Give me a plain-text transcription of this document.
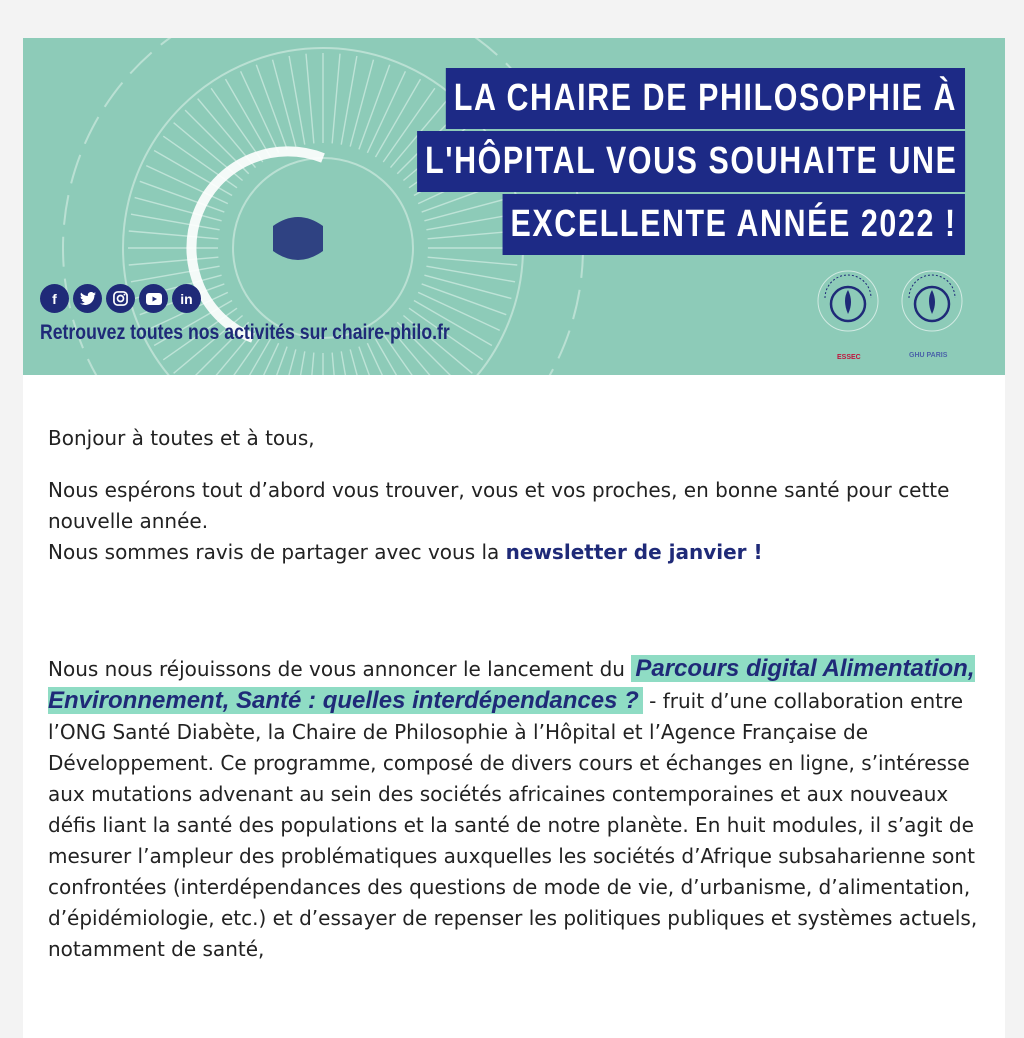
LA CHAIRE DE PHILOSOPHIE À
L'HÔPITAL VOUS SOUHAITE UNE
EXCELLENTE ANNÉE 2022 !
f	in
Retrouvez toutes nos activités sur chaire-philo.fr
ESSEC	GHU PARIS

Bonjour à toutes et à tous,

Nous espérons tout d’abord vous trouver, vous et vos proches, en bonne santé pour cette nouvelle année.

Nous sommes ravis de partager avec vous la newsletter de janvier !

Nous nous réjouissons de vous annoncer le lancement du Parcours digital Alimentation, Environnement, Santé : quelles interdépendances ? - fruit d’une collaboration entre l’ONG Santé Diabète, la Chaire de Philosophie à l’Hôpital et l’Agence Française de Développement. Ce programme, composé de divers cours et échanges en ligne, s’intéresse aux mutations advenant au sein des sociétés africaines contemporaines et aux nouveaux défis liant la santé des populations et la santé de notre planète. En huit modules, il s’agit de mesurer l’ampleur des problématiques auxquelles les sociétés d’Afrique subsaharienne sont confrontées (interdépendances des questions de mode de vie, d’urbanisme, d’alimentation, d’épidémiologie, etc.) et d’essayer de repenser les politiques publiques et systèmes actuels, notamment de santé,
